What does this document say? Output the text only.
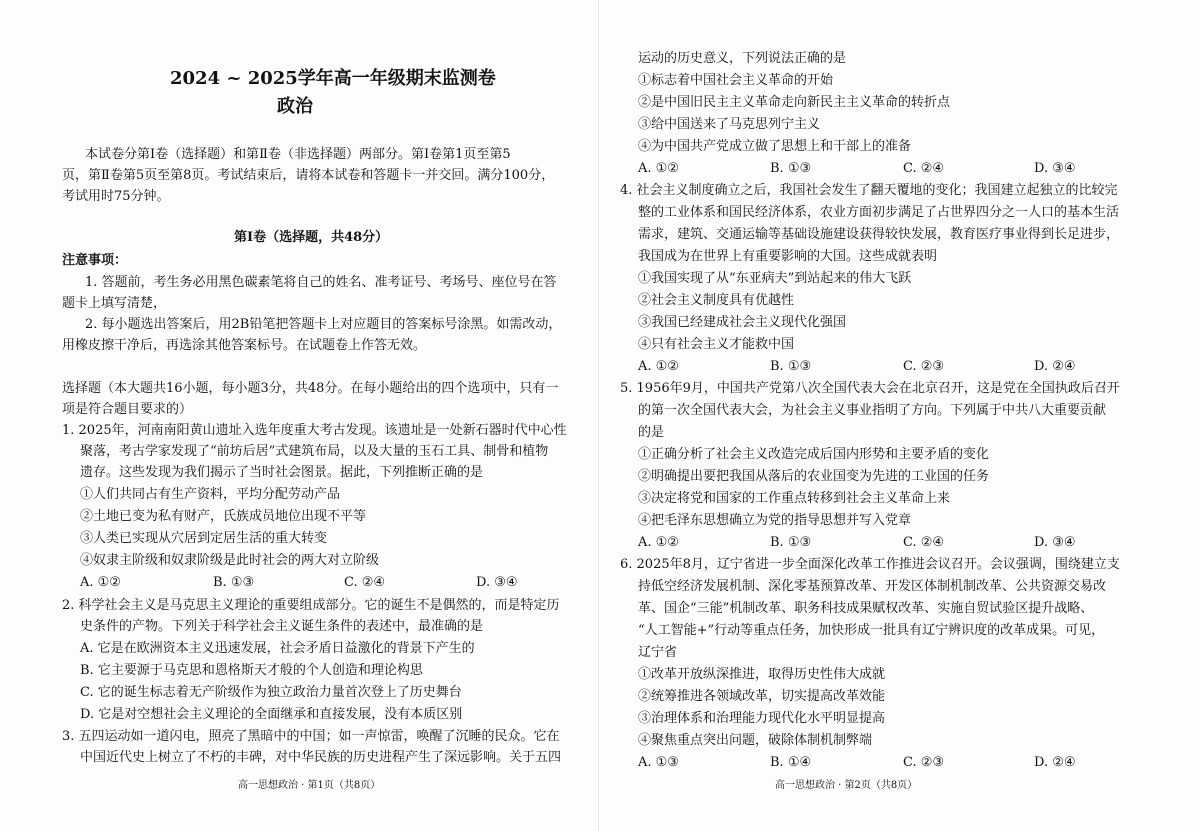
2024 ~ 2025学年高一年级期末监测卷
政治
本试卷分第Ⅰ卷（选择题）和第Ⅱ卷（非选择题）两部分。第Ⅰ卷第1页至第5
页，第Ⅱ卷第5页至第8页。考试结束后，请将本试卷和答题卡一并交回。满分100分，
考试用时75分钟。
第Ⅰ卷（选择题，共48分）
注意事项：
1. 答题前，考生务必用黑色碳素笔将自己的姓名、准考证号、考场号、座位号在答
题卡上填写清楚，
2. 每小题选出答案后，用2B铅笔把答题卡上对应题目的答案标号涂黑。如需改动，
用橡皮擦干净后，再选涂其他答案标号。在试题卷上作答无效。
选择题（本大题共16小题，每小题3分，共48分。在每小题给出的四个选项中，只有一
项是符合题目要求的）
1. 2025年，河南南阳黄山遗址入选年度重大考古发现。该遗址是一处新石器时代中心性
聚落，考古学家发现了“前坊后居”式建筑布局，以及大量的玉石工具、制骨和植物
遗存。这些发现为我们揭示了当时社会图景。据此，下列推断正确的是
①人们共同占有生产资料，平均分配劳动产品
②土地已变为私有财产，氏族成员地位出现不平等
③人类已实现从穴居到定居生活的重大转变
④奴隶主阶级和奴隶阶级是此时社会的两大对立阶级
A. ①②	B. ①③	C. ②④	D. ③④
2. 科学社会主义是马克思主义理论的重要组成部分。它的诞生不是偶然的，而是特定历
史条件的产物。下列关于科学社会主义诞生条件的表述中，最准确的是
A. 它是在欧洲资本主义迅速发展，社会矛盾日益激化的背景下产生的
B. 它主要源于马克思和恩格斯天才般的个人创造和理论构思
C. 它的诞生标志着无产阶级作为独立政治力量首次登上了历史舞台
D. 它是对空想社会主义理论的全面继承和直接发展，没有本质区别
3. 五四运动如一道闪电，照亮了黑暗中的中国；如一声惊雷，唤醒了沉睡的民众。它在
中国近代史上树立了不朽的丰碑，对中华民族的历史进程产生了深远影响。关于五四
高一思想政治 · 第1页（共8页）
运动的历史意义，下列说法正确的是
①标志着中国社会主义革命的开始
②是中国旧民主主义革命走向新民主主义革命的转折点
③给中国送来了马克思列宁主义
④为中国共产党成立做了思想上和干部上的准备
A. ①②	B. ①③	C. ②④	D. ③④
4. 社会主义制度确立之后，我国社会发生了翻天覆地的变化；我国建立起独立的比较完
整的工业体系和国民经济体系，农业方面初步满足了占世界四分之一人口的基本生活
需求，建筑、交通运输等基础设施建设获得较快发展，教育医疗事业得到长足进步，
我国成为在世界上有重要影响的大国。这些成就表明
①我国实现了从“东亚病夫”到站起来的伟大飞跃
②社会主义制度具有优越性
③我国已经建成社会主义现代化强国
④只有社会主义才能救中国
A. ①②	B. ①③	C. ②③	D. ②④
5. 1956年9月，中国共产党第八次全国代表大会在北京召开，这是党在全国执政后召开
的第一次全国代表大会，为社会主义事业指明了方向。下列属于中共八大重要贡献
的是
①正确分析了社会主义改造完成后国内形势和主要矛盾的变化
②明确提出要把我国从落后的农业国变为先进的工业国的任务
③决定将党和国家的工作重点转移到社会主义革命上来
④把毛泽东思想确立为党的指导思想并写入党章
A. ①②	B. ①③	C. ②④	D. ③④
6. 2025年8月，辽宁省进一步全面深化改革工作推进会议召开。会议强调，围绕建立支
持低空经济发展机制、深化零基预算改革、开发区体制机制改革、公共资源交易改
革、国企“三能”机制改革、职务科技成果赋权改革、实施自贸试验区提升战略、
“人工智能+”行动等重点任务，加快形成一批具有辽宁辨识度的改革成果。可见，
辽宁省
①改革开放纵深推进，取得历史性伟大成就
②统筹推进各领域改革，切实提高改革效能
③治理体系和治理能力现代化水平明显提高
④聚焦重点突出问题，破除体制机制弊端
A. ①③	B. ①④	C. ②③	D. ②④
高一思想政治 · 第2页（共8页）
